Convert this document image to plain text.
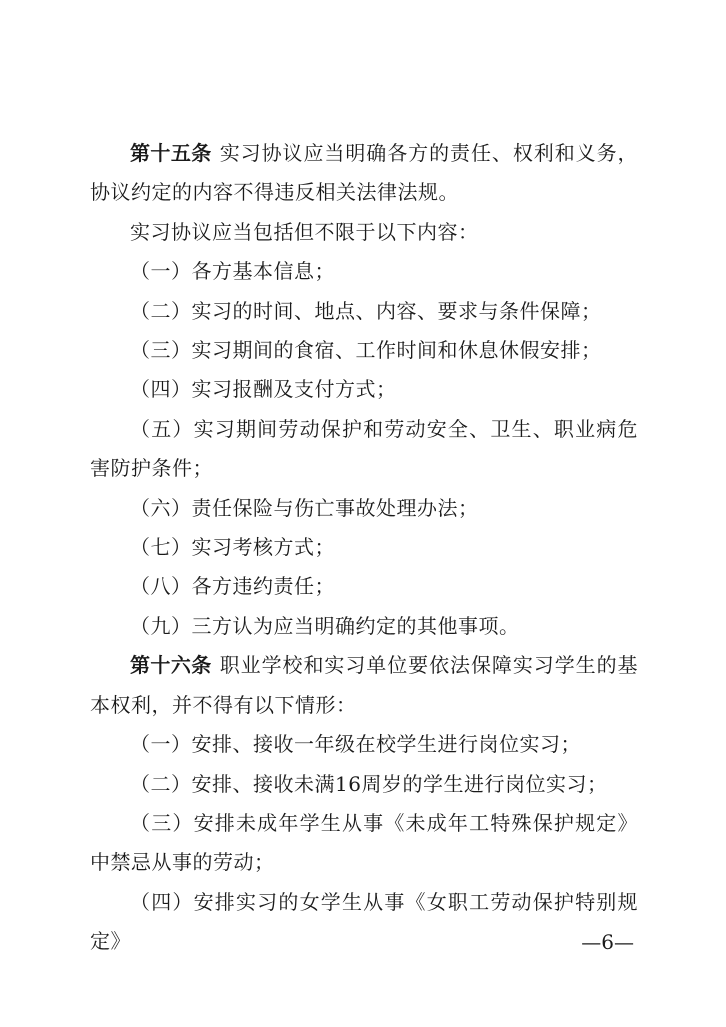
第十五条 实习协议应当明确各方的责任、权利和义务，协议约定的内容不得违反相关法律法规。

实习协议应当包括但不限于以下内容：

（一）各方基本信息；

（二）实习的时间、地点、内容、要求与条件保障；

（三）实习期间的食宿、工作时间和休息休假安排；

（四）实习报酬及支付方式；

（五）实习期间劳动保护和劳动安全、卫生、职业病危害防护条件；

（六）责任保险与伤亡事故处理办法；

（七）实习考核方式；

（八）各方违约责任；

（九）三方认为应当明确约定的其他事项。

第十六条 职业学校和实习单位要依法保障实习学生的基本权利，并不得有以下情形：

（一）安排、接收一年级在校学生进行岗位实习；

（二）安排、接收未满16周岁的学生进行岗位实习；

（三）安排未成年学生从事《未成年工特殊保护规定》中禁忌从事的劳动；

（四）安排实习的女学生从事《女职工劳动保护特别规定》	—6—
